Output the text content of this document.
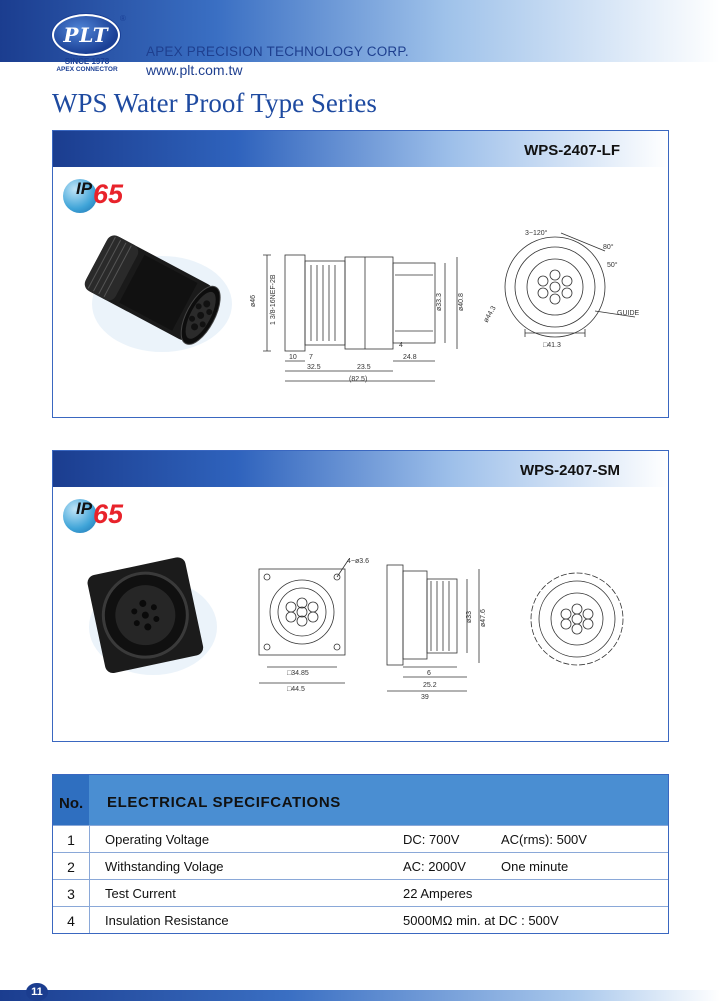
PLT
®
SINCE 1978
APEX CONNECTOR
APEX PRECISION TECHNOLOGY CORP.
www.plt.com.tw
WPS Water Proof Type Series
WPS-2407-LF
IP 65
ø46 1 3/8-16NEF-2B	ø33.3 ø40.8
10 7
32.5	23.5
24.8
(82.5)
4
3−120°
80°
50°
ø44.3
□41.3
GUIDE
WPS-2407-SM
IP 65
4−ø3.6
□34.85
□44.5
ø33 ø47.6
6
25.2
39
No. ELECTRICAL SPECIFCATIONS
1	Operating Voltage	DC: 700V	AC(rms): 500V
2	Withstanding Volage	AC: 2000V	One minute
3	Test Current	22 Amperes
4	Insulation Resistance	5000MΩ min. at DC : 500V
11
